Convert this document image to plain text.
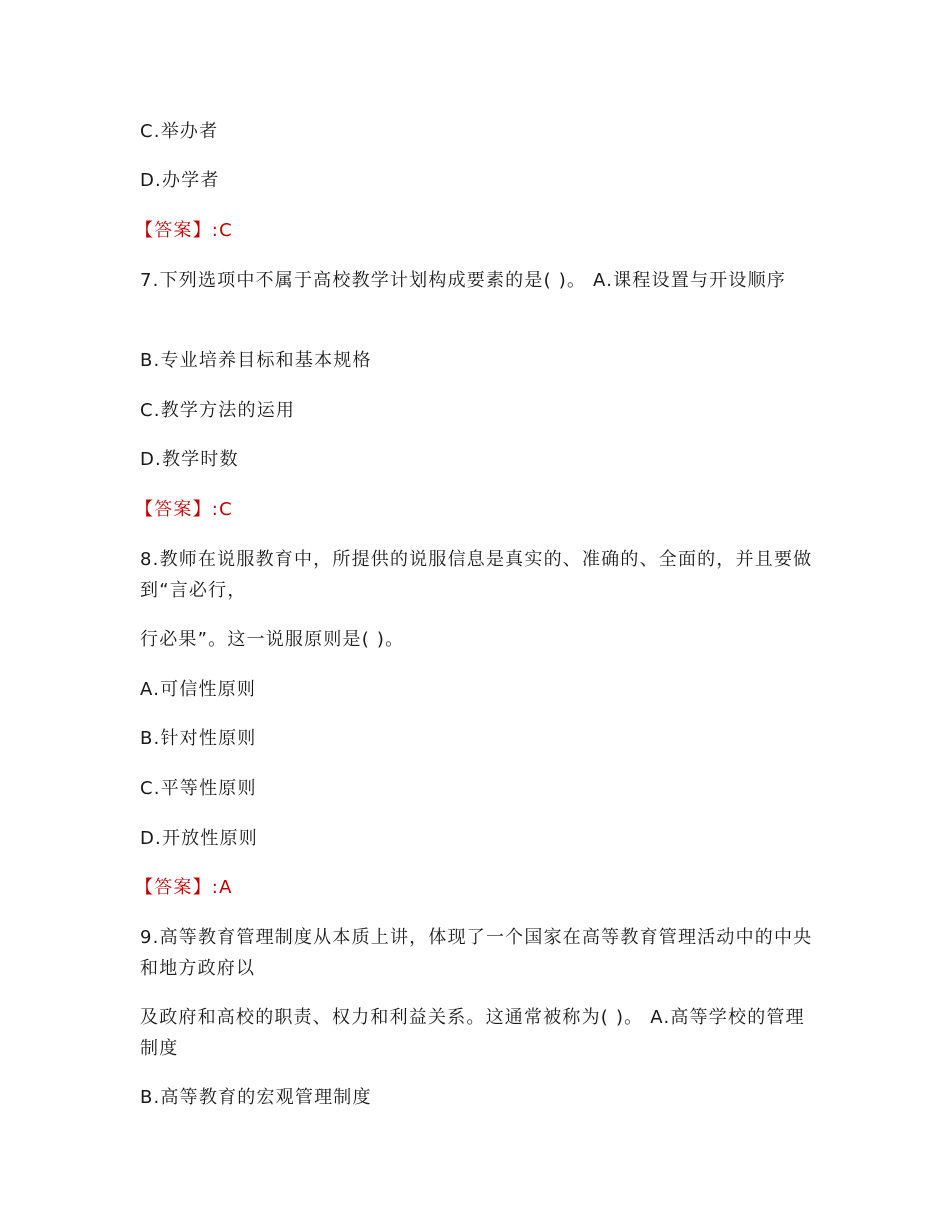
C.举办者
D.办学者
【答案】:C
7.下列选项中不属于高校教学计划构成要素的是( )。 A.课程设置与开设顺序
B.专业培养目标和基本规格
C.教学方法的运用
D.教学时数
【答案】:C
8.教师在说服教育中，所提供的说服信息是真实的、准确的、全面的，并且要做到“言必行，
行必果”。这一说服原则是( )。
A.可信性原则
B.针对性原则
C.平等性原则
D.开放性原则
【答案】:A
9.高等教育管理制度从本质上讲，体现了一个国家在高等教育管理活动中的中央和地方政府以
及政府和高校的职责、权力和利益关系。这通常被称为( )。 A.高等学校的管理制度
B.高等教育的宏观管理制度
